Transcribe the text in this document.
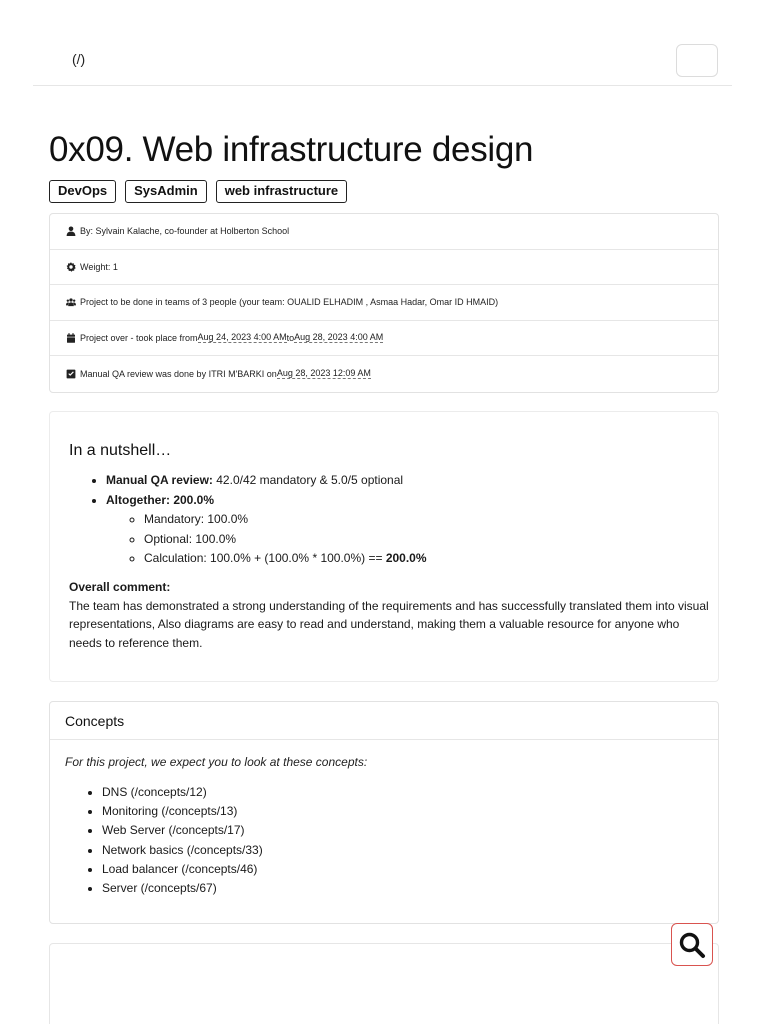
(/)
0x09. Web infrastructure design
DevOps	SysAdmin	web infrastructure
By: Sylvain Kalache, co-founder at Holberton School
Weight: 1
Project to be done in teams of 3 people (your team: OUALID ELHADIM , Asmaa Hadar, Omar ID HMAID)
Project over - took place from Aug 24, 2023 4:00 AM to Aug 28, 2023 4:00 AM
Manual QA review was done by ITRI M'BARKI on Aug 28, 2023 12:09 AM
In a nutshell…
• Manual QA review: 42.0/42 mandatory & 5.0/5 optional
• Altogether: 200.0%
◦ Mandatory: 100.0%
◦ Optional: 100.0%
◦ Calculation: 100.0% + (100.0% * 100.0%) == 200.0%
Overall comment:
The team has demonstrated a strong understanding of the requirements and has successfully translated them into visual representations, Also diagrams are easy to read and understand, making them a valuable resource for anyone who needs to reference them.
Concepts

For this project, we expect you to look at these concepts:

• DNS (/concepts/12)
• Monitoring (/concepts/13)
• Web Server (/concepts/17)
• Network basics (/concepts/33)
• Load balancer (/concepts/46)
• Server (/concepts/67)
